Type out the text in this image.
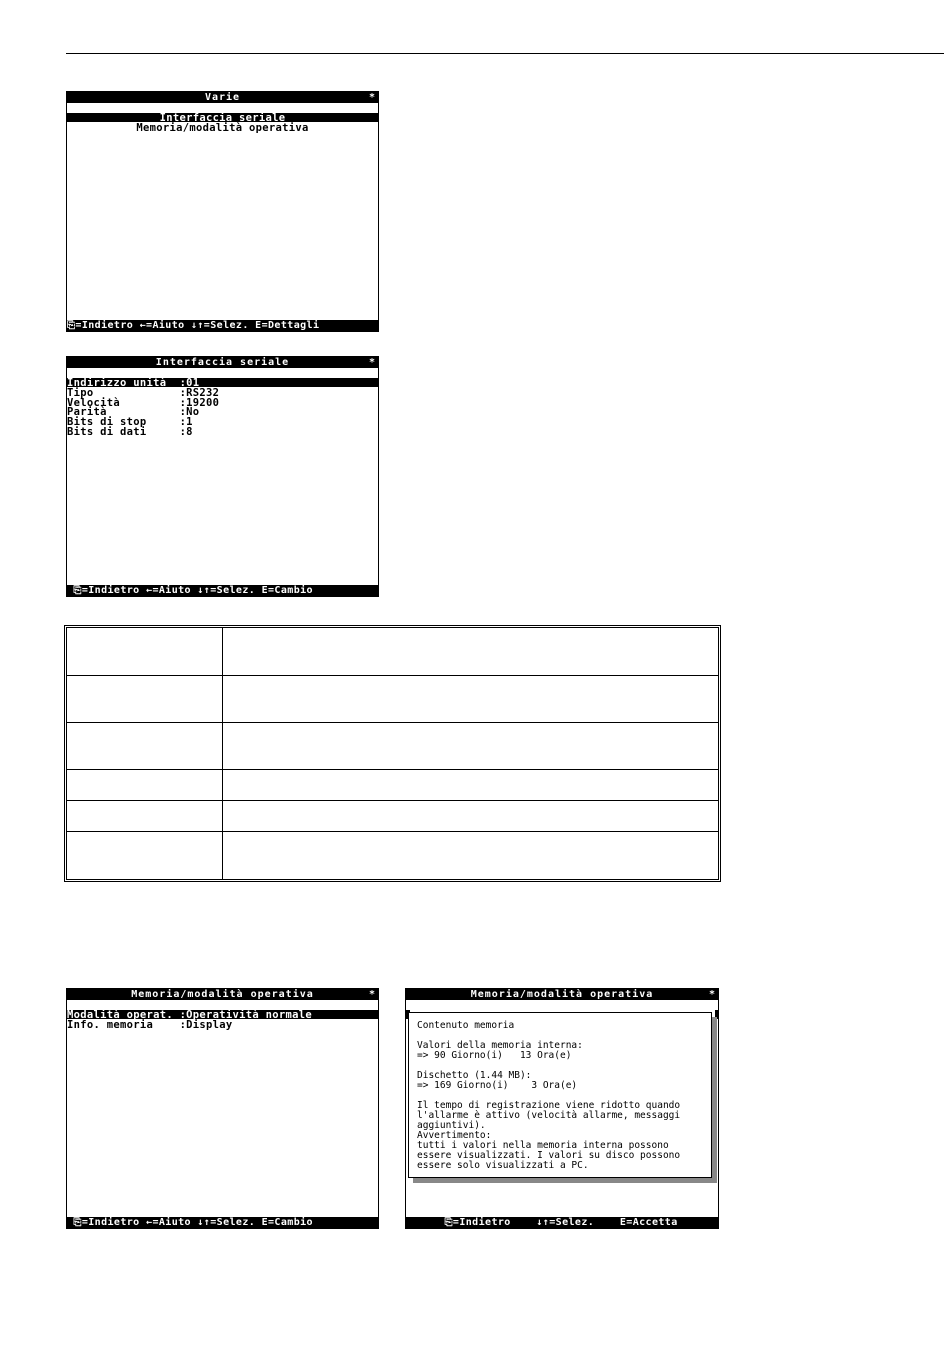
Varie	*
Interfaccia seriale
Memoria/modalità operativa
⎘=Indietro ←=Aiuto ↓↑=Selez. E=Dettagli
Interfaccia seriale	*
Indirizzo unità  :01
Tipo             :RS232
Velocità         :19200
Parità           :No
Bits di stop     :1
Bits di dati     :8
⎘=Indietro ←=Aiuto ↓↑=Selez. E=Cambio

Memoria/modalità operativa	*
Modalità operat. :Operatività normale
Info. memoria    :Display
⎘=Indietro ←=Aiuto ↓↑=Selez. E=Cambio
Memoria/modalità operativa	*
⎘=Indietro    ↓↑=Selez.    E=Accetta
Contenuto memoria
Valori della memoria interna:
=> 90 Giorno(i)   13 Ora(e)
Dischetto (1.44 MB):
=> 169 Giorno(i)    3 Ora(e)
Il tempo di registrazione viene ridotto quando
l'allarme è attivo (velocità allarme, messaggi
aggiuntivi).
Avvertimento:
tutti i valori nella memoria interna possono
essere visualizzati. I valori su disco possono
essere solo visualizzati a PC.
